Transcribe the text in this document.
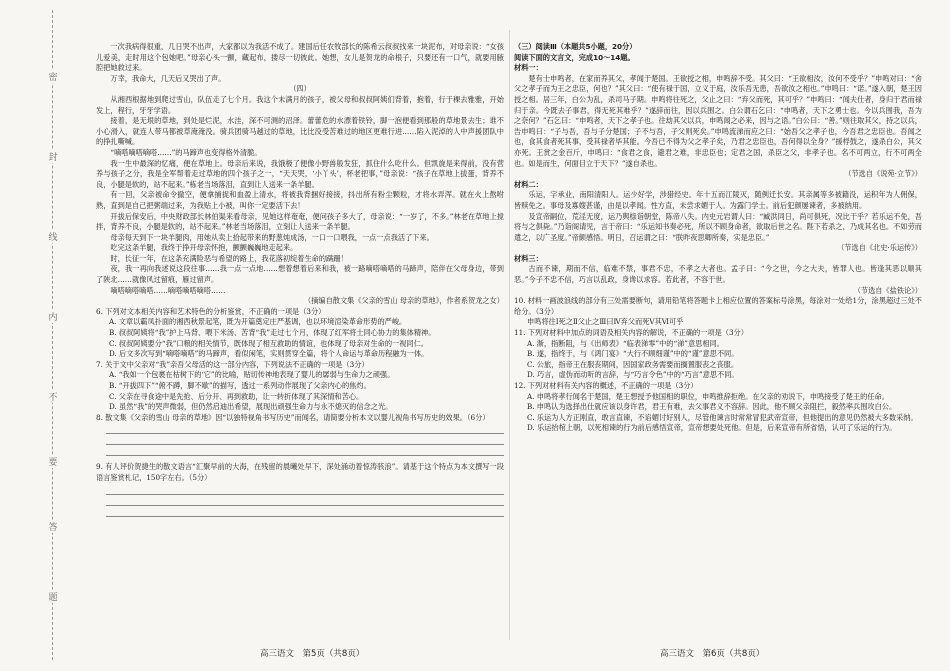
密
封
线
内
不
要
答
题

一次我病得很重，几日哭不出声，大家都以为我活不成了。建国后任农牧部长的陈希云叔叔找来一块泥布，对母亲说：“女孩儿爱美，走时用这个包她吧。”母亲心头一颤，藏起布，搂尽一切彼此。她想，女儿是贺龙的命根子，只要还有一口气，就要用腋腔把她救过来。

万幸，我命大，几天后又哭出了声。

（四）

从湘西根据地到爬过雪山，队伍走了七个月。我这个未满月的孩子，被父母和叔叔阿姨们背着，抱着，行于稞去雅雅，开始发上，程行，牙牙学语。

接着，是无垠的草地，到处是烂泥，水洼，深不可测的沼泽。蕾蕾危的水漂着铁铃，脚一泡便看到那般的草地景去生；谁不小心滑入，就连人带马都被草淹淹没。骑兵团骑马越过的草地，比比没受苦难过的地区更难行进……陷入泥淖的人中声援团队中的挣扎嘶喊。

“嘀嗒嘀嗒嘀嗒……”的马蹄声也变得格外清脆。

我一生中最深的忆痛，便在草地上。母亲后来说，我饿极了便像小野兽般发狂，抓住什么吃什么。但凯旋是来得前，没有营养与孩子之分，我是全军帮着走过草地的四个孩子之一，“天天哭，‘小丫头’，杯老把事，”母亲说：“孩子在草地上拔蛋，背养不良，小腿是软的，站不起来。”栋老当场落泪，直到让人送来一条羊腿。

有一回，父亲被命令撤空，便拿捕捉和血盈上清水，将被我背捆好接接，抖出所有粉尘颗粒，才将水弄浑。就在火上熬咐熟，直到是自己把粥端过来，为我贴上小被，叫你一定要活下去！

开拔后保安后，中央财政部长林伯渠来看母亲，见她这样奄奄，便问孩子多大了，母亲说：“一岁了，不多。”林老在草地上搅拌，背养不良，小腿是软的，站不起来。”林老当场落泪，立刻让人送来一条羊腿。

母亲每天到下一块羊腿肉，用她从卖上拾起带来的野葱炖成汤，一口一口喂我，一点一点我活了下来。

吃完这条羊腿，我终于挣开母亲怀抱，颤颤巍巍地走起来。

时，长征一年，在这条充满险恶与希望的路上，我花落初绽着生命的蹒跚！

夜，我一再向我述说这段往事……我一点一点地……想着想着后来和我，被一路嘀嗒嘀嗒的马蹄声，陪伴在父母身边，带到了陕北……就像风过留痕，雁过留声。

嘀嗒嘀嗒嘀嗒……嘀嗒嘀嗒嘀嗒……

（摘编自散文集《父亲的雪山 母亲的草地》，作者系贺龙之女）

6. 下列对文本相关内容和艺术特色的分析鉴赏，不正确的一项是（3分）

A. 文章以霸凤扑面的湘西秋景起笔，既为开篇奠定庄严基调，也以环境渲染革命形势的严峻。

B. 叔叔阿姨将“我”护上马背、喂下米汤、苦背“我”走过七个月，体现了红军将士同心协力的集体精神。

C. 叔叔阿姨要分“我”口粮的相关情节，既体现了相互救助的情谊，也体现了母亲对生命的一视同仁。

D. 后文多次写到“嘀嗒嘀嗒”的马蹄声，看似闲笔，实则贯穿全篇，将个人命运与革命历程融为一体。

7. 关于文中父亲对“我”亲吾父母活的这一部分内容，下列说法不正确的一项是（3分）

A. “我如一个包裹在枯树下的‘它”的比喻，贴切传神地表现了婴儿的孱弱与生命力之顽强。

B. “开拔四下”“俯不蹲，脚不歇”的描写，透过一系列动作展现了父亲内心的焦灼。

C. 父亲在寻食途中是先抢、后分开、再到救助，让一转折体现了其深情和苦心。

D. 虽然“我”的哭声微弱，但仍然启迪出希望，展现出顽强生命力与永不熄灭的信念之光。

8. 散文集《父亲的雪山 母亲的草地》因“以独特视角书写历史”而闻名，请简要分析本文以婴儿视角书写历史的效果。（6分）

9. 有人评价贺捷生的散文语言“汇聚早前的大海，在残留的晨曦处早下，深处涌动着惊涛骇浪”。请基于这个特点为本文撰写一段语言鉴赏札记，150字左右。（5分）

（三）阅读Ⅲ（本题共5小题，20分）

阅读下面的文言文，完成10～14题。

材料一：

楚有士申鸣者，在家而养其父，孝闻于楚国。王欲授之相，申鸣辞不受。其父曰：“王欲相汝，汝何不受乎？”申鸣对曰：“舍父之孝子而为王之忠臣，何也？”其父曰：“使有禄于国，立义于庭，汝乐吾无患，吾欲汝之相也。”申鸣曰：“诺。”遂入朝，楚王因授之相。居三年，白公为乱，杀司马子期。申鸣将往死之，父止之曰：“弃父而死，其可乎？”申鸣曰：“闻夫仕者，身归于君而禄归于亲。今既去子事君，得无死其难乎？”遂辞而往，因以兵围之。白公谓石乞曰：“申鸣者，天下之勇士也。今以兵围我，吾为之奈何？”石乞曰：“申鸣者，天下之孝子也。往劫其父以兵，申鸣闻之必来，因与之语。”白公曰：“善。”则往取其父，持之以兵，告申鸣曰：“子与吾，吾与子分楚国；子不与吾，子父则死矣。”申鸣流涕而应之曰：“始吾父之孝子也，今吾君之忠臣也。吾闻之也，食其食者死其事，受其禄者毕其能。今吾已不得为父之孝子矣，乃君之忠臣也，吾何得以全身？”援桴鼓之，遂杀白公，其父亦死。王赏之金百斤，申鸣曰：“食君之食，避君之难，非忠臣也；定君之国，杀臣之父，非孝子也。名不可两立，行不可两全也。如是而生，何面目立于天下？”遂自杀也。

（节选自《说苑·立节》）

材料二：

乐运，字承业，南阳清阳人。运少好学，涉猎经史。年十五而江陵灭，随例迁长安。其亲属等多被籍没，运积年为人佣保，皆赎免之。事母及寡嫂甚谨，由是以孝闻。性方直，未尝求媚于人。为露门学士。前后犯颜屡谏者，多被纳用。

及宣帝嗣位，荒淫无度，运乃舆榇诣朝堂，陈帝八失。内史元岩谓人曰：“臧洪同日，尚可俱死，况比干乎？若乐运不免，吾将与之俱毙。”乃诣阁请见，言于帝曰：“乐运知书奏必死，所以不顾身命者，欲取后世之名。陛下若杀之，乃成其名也。不如劳而遣之，以广圣度。”帝颇感悟。明日，召运谓之曰：“朕昨夜思卿所奏，实是忠臣。”

（节选自《北史·乐运传》）

材料三：

古而不谏，期而不信，临难不禁，事君不忠，不孝之大者也。孟子曰：“今之世，今之大夫，皆罪人也。皆逢其恶以顺其恶。”今子不忠不信，巧言以乱政，身谗以求容。若此者，不容于世。

（节选自《盐铁论》）

10. 材料一画波浪线的部分有三处需要断句，请用铅笔将答题卡上相应位置的答案标号涂黑，每涂对一处给1分，涂黑超过三处不给分。（3分）

申鸣将往Ⅰ死之Ⅱ父止之Ⅲ曰Ⅳ弃父而死Ⅴ其Ⅵ可乎

11. 下列对材料中加点的词语及相关内容的解说，不正确的一项是（3分）

A. 渐，指断阻，与《出师表》“临表涕零”中的“涕”意思相同。

B. 遂，指终于，与《鸿门宴》“大行不顾细谨”中的“谨”意思不同。

C. 公旅，指帝王在服丧期间，因国家政务需要而搁置服丧之丧服。

D. 巧言，虚伪而动听的言辞，与“巧言令色”中的“巧言”意思不同。

12. 下列对材料有关内容的概述，不正确的一项是（3分）

A. 申鸣将孝行闻名于楚国，楚王想授予他国相的职位，申鸣推辞拒绝。在父亲的劝说下，申鸣接受了楚王的任命。

B. 申鸣认为选择出仕就应该以身许君，君王有难，去父事君义不容辞。因此，他不顾父亲阻拦，毅然率兵围攻白公。

C. 乐运为人方正刚直，敢言直谏，不谄媚讨好别人，尽管他谏言时常常冒犯武帝宣帝，但他提出的意见仍然被大多数采纳。

D. 乐运抬棺上朝，以死相谏的行为前后感悟宣帝，宣帝想要处死他。但是，后来宣帝有所省悟，认可了乐运的行为。

高三语文　第5页（共8页）	高三语文　第6页（共8页）
